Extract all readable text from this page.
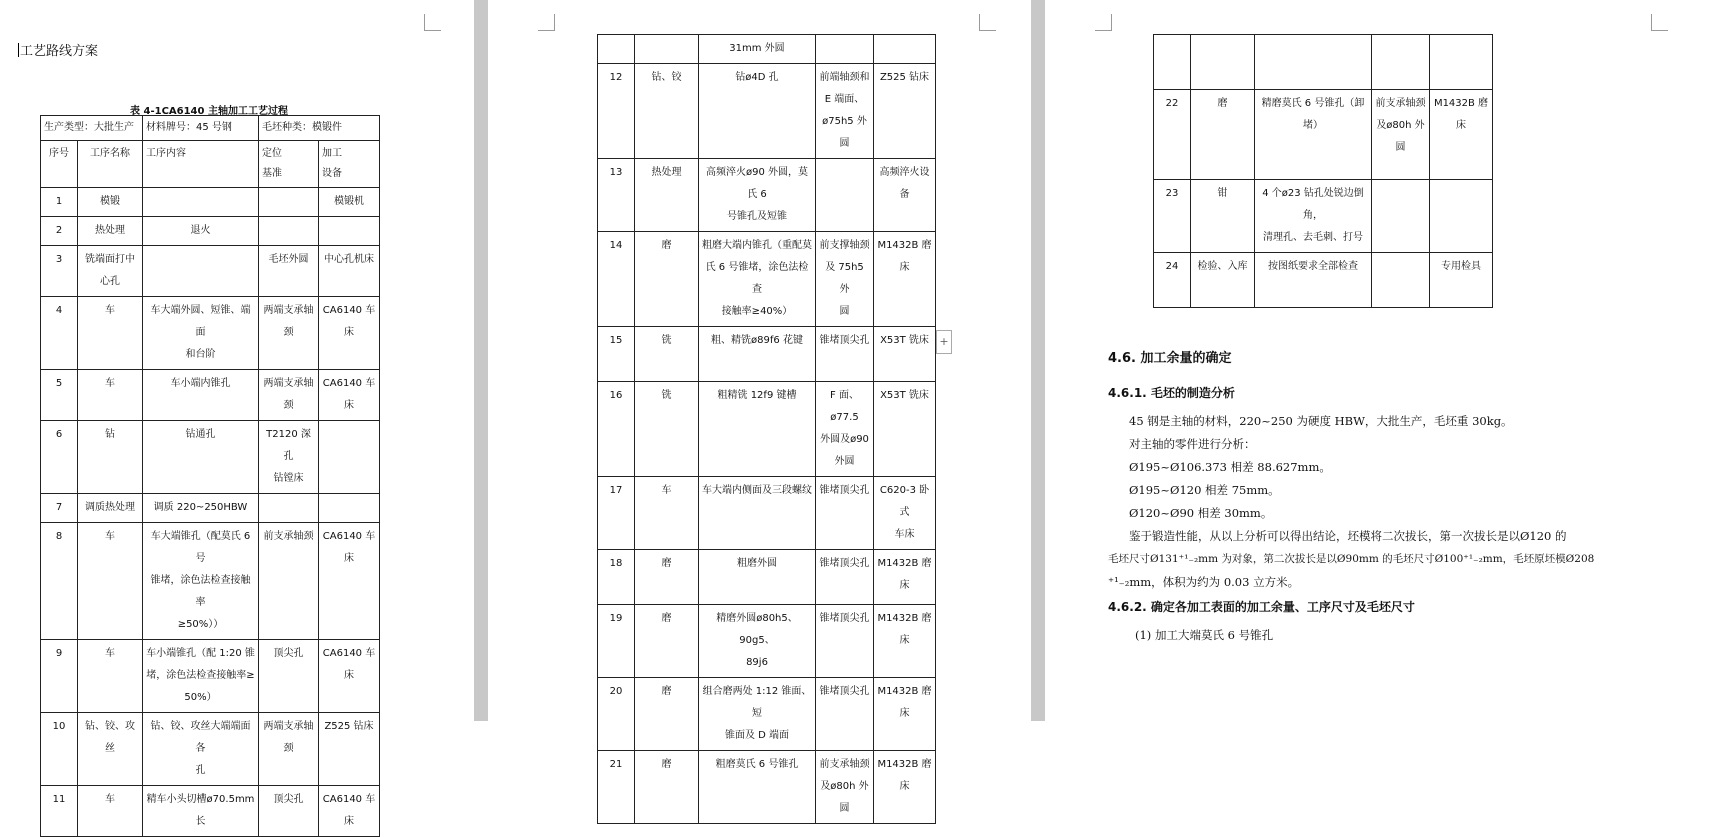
工艺路线方案
表 4-1CA6140 主轴加工工艺过程
生产类型：大批生产		材料牌号：45 号钢	毛坯种类：模锻件	
序号	工序名称	工序内容	定位
基准	加工
设备
1	模锻			模锻机
2	热处理	退火		
3	铣端面打中
心孔		毛坯外圆	中心孔机床
4	车	车大端外圆、短锥、端面
和台阶	两端支承轴
颈	CA6140 车床
5	车	车小端内锥孔	两端支承轴
颈	CA6140 车床
6	钻	钻通孔	T2120 深孔
钻镗床	
7	调质热处理	调质 220~250HBW		
8	车	车大端锥孔（配莫氏 6 号
锥堵，涂色法检查接触率
≥50%））	前支承轴颈	CA6140 车床
9	车	车小端锥孔（配 1:20 锥
堵，涂色法检查接触率≥
50%）	顶尖孔	CA6140 车床
10	钻、铰、攻丝	钻、铰、攻丝大端端面各
孔	两端支承轴
颈	Z525 钻床
11	车	精车小头切槽ø70.5mm 长	顶尖孔	CA6140 车床
		31mm 外圆		
12	钻、铰	钻ø4D 孔	前端轴颈和
E 端面、
ø75h5 外圆	Z525 钻床
13	热处理	高频淬火ø90 外圆，莫氏 6
号锥孔及短锥		高频淬火设
备
14	磨	粗磨大端内锥孔（重配莫
氏 6 号锥堵，涂色法检查
接触率≥40%）	前支撑轴颈
及 75h5 外
圆	M1432B 磨床
15	铣	粗、精铣ø89f6 花键	锥堵顶尖孔	X53T 铣床
16	铣	粗精铣 12f9 键槽	F 面、ø77.5
外圆及ø90
外圆	X53T 铣床
17	车	车大端内侧面及三段螺纹	锥堵顶尖孔	C620-3 卧式
车床
18	磨	粗磨外圆	锥堵顶尖孔	M1432B 磨床
19	磨	精磨外圆ø80h5、90g5、
89j6	锥堵顶尖孔	M1432B 磨床
20	磨	组合磨两处 1:12 锥面、短
锥面及 D 端面	锥堵顶尖孔	M1432B 磨床
21	磨	粗磨莫氏 6 号锥孔	前支承轴颈
及ø80h 外
圆	M1432B 磨床
+

22	磨	精磨莫氏 6 号锥孔（卸堵）	前支承轴颈
及ø80h 外
圆	M1432B 磨床
23	钳	4 个ø23 钻孔处锐边倒角，
清理孔、去毛刺、打号		
24	检验、入库	按图纸要求全部检查		专用检具
4.6. 加工余量的确定
4.6.1. 毛坯的制造分析
45 钢是主轴的材料，220~250 为硬度 HBW，大批生产，毛坯重 30kg。
对主轴的零件进行分析：
Ø195~Ø106.373 相差 88.627mm。
Ø195~Ø120 相差 75mm。
Ø120~Ø90 相差 30mm。
鉴于锻造性能，从以上分析可以得出结论，坯模将二次拔长，第一次拔长是以Ø120 的
毛坯尺寸Ø131⁺¹₋₂mm 为对象，第二次拔长是以Ø90mm 的毛坯尺寸Ø100⁺¹₋₂mm，毛坯原坯模Ø208
⁺¹₋₂mm，体积为约为 0.03 立方米。
4.6.2. 确定各加工表面的加工余量、工序尺寸及毛坯尺寸
(1) 加工大端莫氏 6 号锥孔
